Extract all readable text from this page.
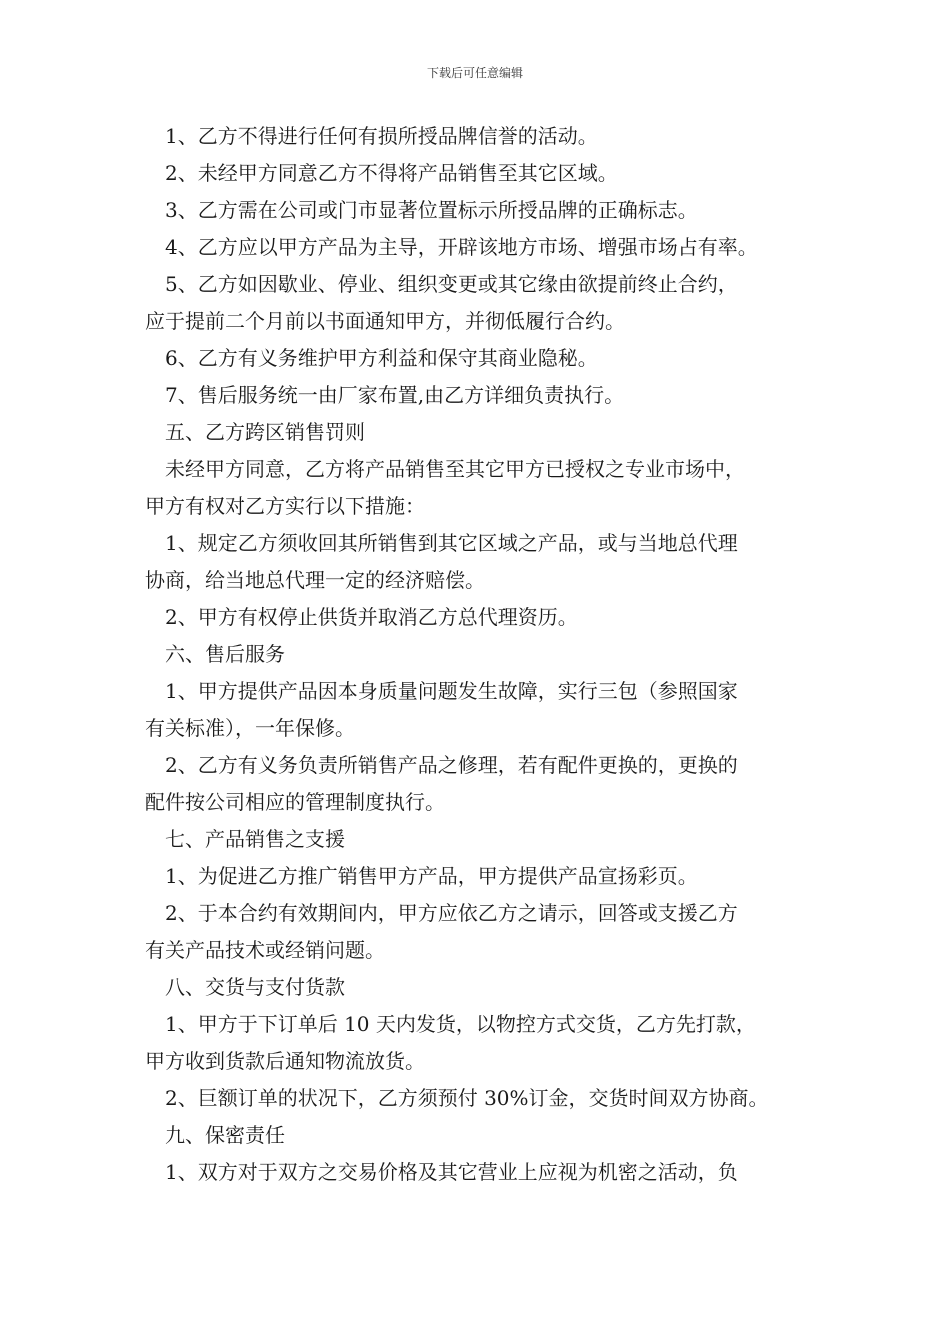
下载后可任意编辑
1、乙方不得进行任何有损所授品牌信誉的活动。
2、未经甲方同意乙方不得将产品销售至其它区域。
3、乙方需在公司或门市显著位置标示所授品牌的正确标志。
4、乙方应以甲方产品为主导，开辟该地方市场、增强市场占有率。
5、乙方如因歇业、停业、组织变更或其它缘由欲提前终止合约，
应于提前二个月前以书面通知甲方，并彻低履行合约。
6、乙方有义务维护甲方利益和保守其商业隐秘。
7、售后服务统一由厂家布置,由乙方详细负责执行。
五、乙方跨区销售罚则
未经甲方同意，乙方将产品销售至其它甲方已授权之专业市场中，
甲方有权对乙方实行以下措施：
1、规定乙方须收回其所销售到其它区域之产品，或与当地总代理
协商，给当地总代理一定的经济赔偿。
2、甲方有权停止供货并取消乙方总代理资历。
六、售后服务
1、甲方提供产品因本身质量问题发生故障，实行三包（参照国家
有关标准），一年保修。
2、乙方有义务负责所销售产品之修理，若有配件更换的，更换的
配件按公司相应的管理制度执行。
七、产品销售之支援
1、为促进乙方推广销售甲方产品，甲方提供产品宣扬彩页。
2、于本合约有效期间内，甲方应依乙方之请示，回答或支援乙方
有关产品技术或经销问题。
八、交货与支付货款
1、甲方于下订单后 10 天内发货，以物控方式交货，乙方先打款，
甲方收到货款后通知物流放货。
2、巨额订单的状况下，乙方须预付 30%订金，交货时间双方协商。
九、保密责任
1、双方对于双方之交易价格及其它营业上应视为机密之活动，负
